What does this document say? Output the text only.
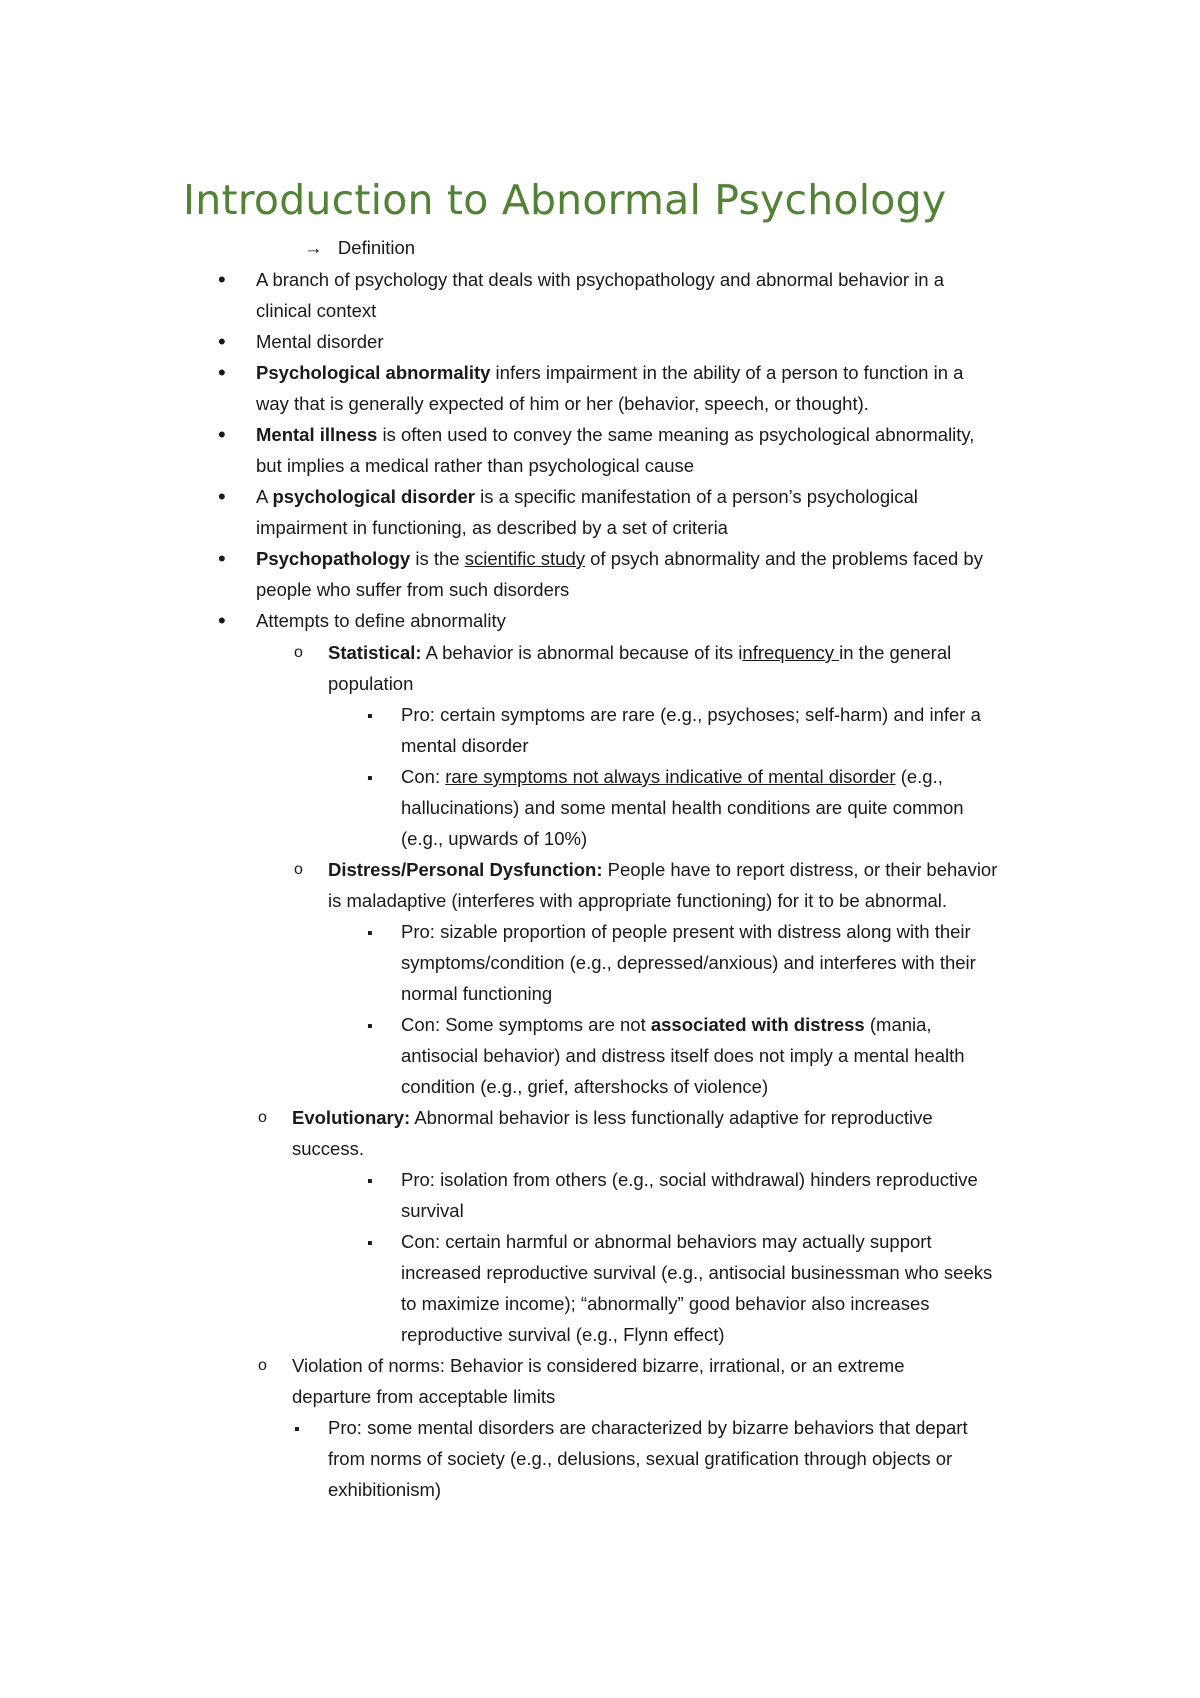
Introduction to Abnormal Psychology
→ Definition
•
A branch of psychology that deals with psychopathology and abnormal behavior in a
clinical context
•
Mental disorder
•
Psychological abnormality infers impairment in the ability of a person to function in a
way that is generally expected of him or her (behavior, speech, or thought).
•
Mental illness is often used to convey the same meaning as psychological abnormality,
but implies a medical rather than psychological cause
•
A psychological disorder is a specific manifestation of a person’s psychological
impairment in functioning, as described by a set of criteria
•
Psychopathology is the scientific study of psych abnormality and the problems faced by
people who suffer from such disorders
•
Attempts to define abnormality
o Statistical: A behavior is abnormal because of its infrequency in the general
population
▪
Pro: certain symptoms are rare (e.g., psychoses; self-harm) and infer a
mental disorder
▪
Con: rare symptoms not always indicative of mental disorder (e.g.,
hallucinations) and some mental health conditions are quite common
(e.g., upwards of 10%)
o Distress/Personal Dysfunction: People have to report distress, or their behavior
is maladaptive (interferes with appropriate functioning) for it to be abnormal.
▪
Pro: sizable proportion of people present with distress along with their
symptoms/condition (e.g., depressed/anxious) and interferes with their
normal functioning
▪
Con: Some symptoms are not associated with distress (mania,
antisocial behavior) and distress itself does not imply a mental health
condition (e.g., grief, aftershocks of violence)
o Evolutionary: Abnormal behavior is less functionally adaptive for reproductive
success.
▪
Pro: isolation from others (e.g., social withdrawal) hinders reproductive
survival
▪
Con: certain harmful or abnormal behaviors may actually support
increased reproductive survival (e.g., antisocial businessman who seeks
to maximize income); “abnormally” good behavior also increases
reproductive survival (e.g., Flynn effect)
o Violation of norms: Behavior is considered bizarre, irrational, or an extreme
departure from acceptable limits
▪
Pro: some mental disorders are characterized by bizarre behaviors that depart
from norms of society (e.g., delusions, sexual gratification through objects or
exhibitionism)
